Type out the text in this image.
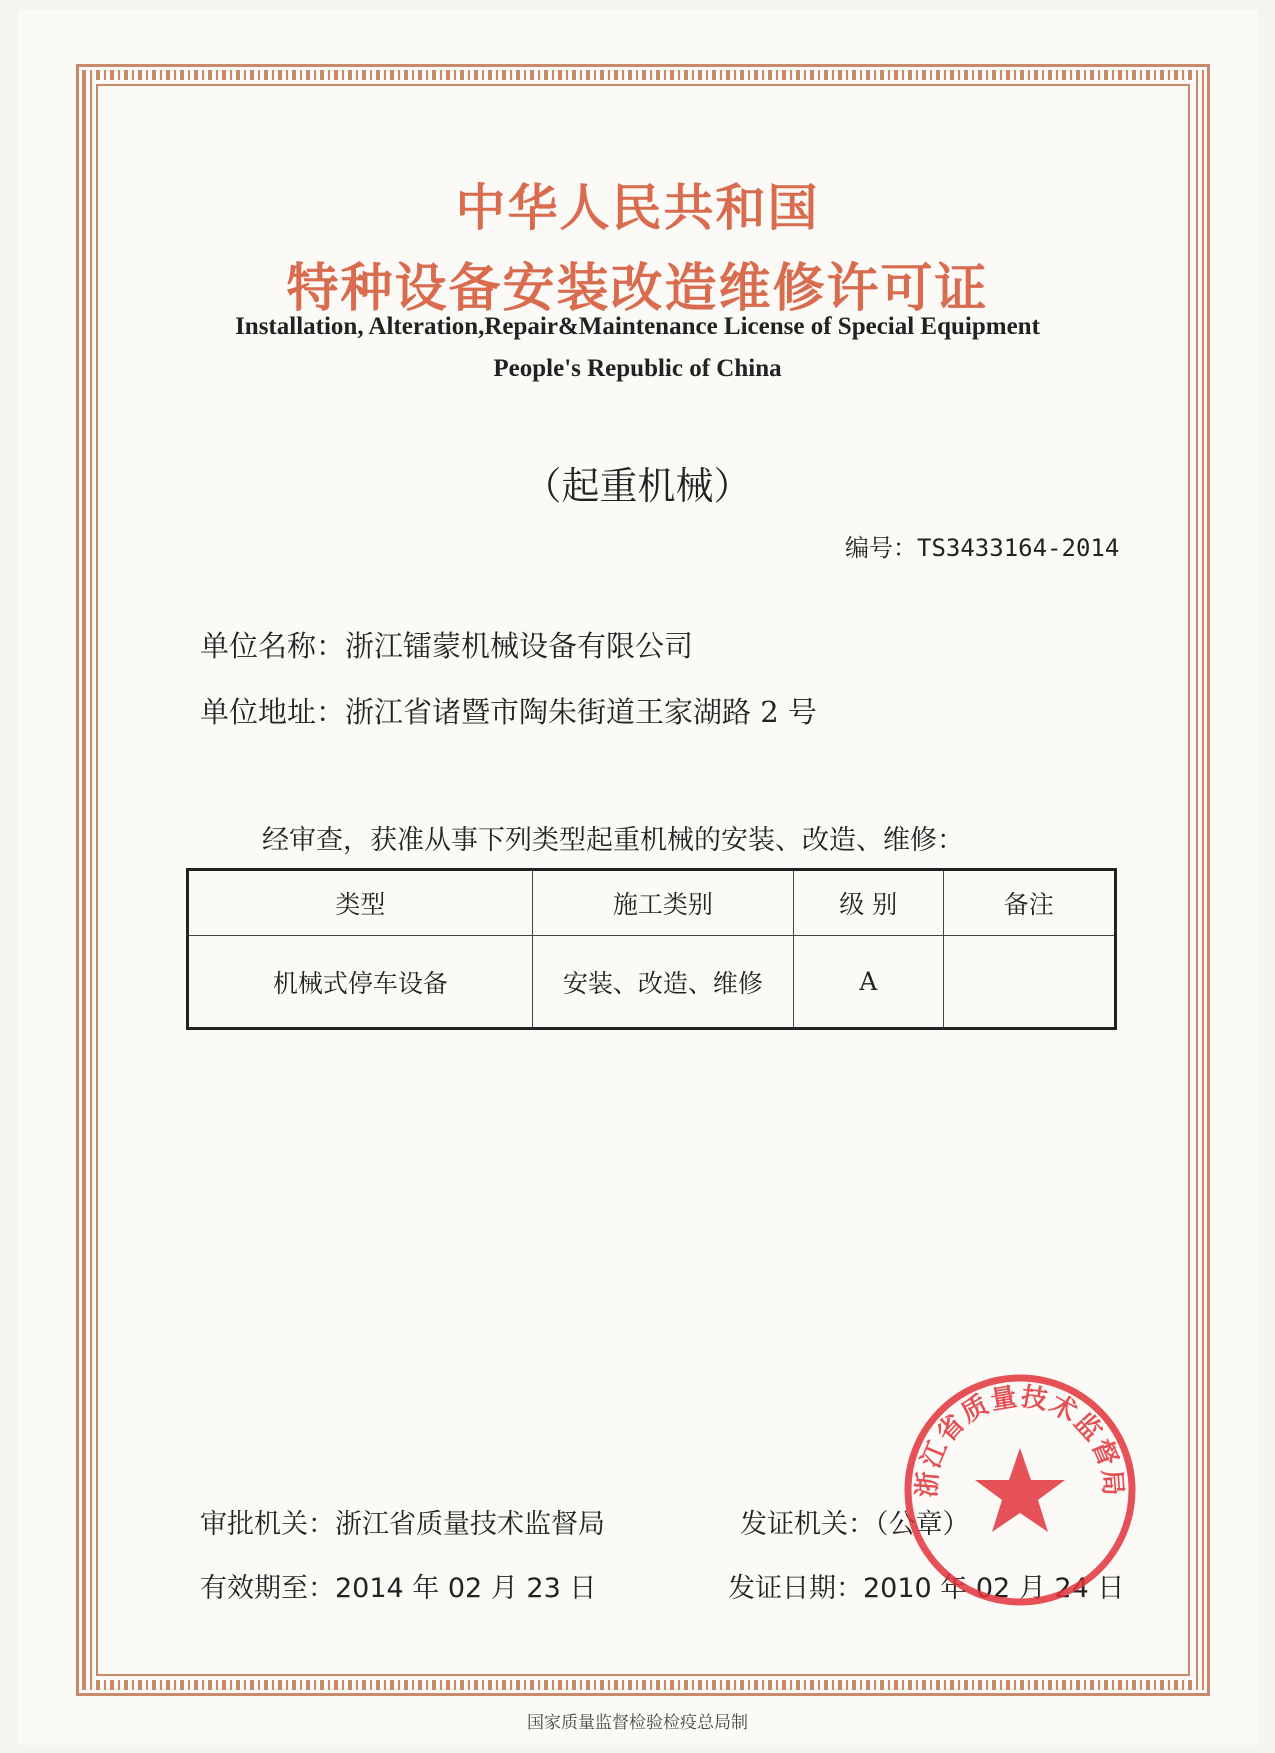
中华人民共和国
特种设备安装改造维修许可证
Installation, Alteration,Repair&Maintenance License of Special Equipment
People's Republic of China
（起重机械）
编号：TS3433164-2014
单位名称：浙江镭蒙机械设备有限公司
单位地址：浙江省诸暨市陶朱街道王家湖路 2 号
经审查，获准从事下列类型起重机械的安装、改造、维修：
类型	施工类别	级 别	备注
机械式停车设备	安装、改造、维修	A	
审批机关：浙江省质量技术监督局	发证机关：（公章）
有效期至：2014 年 02 月 23 日	发证日期：2010 年 02 月 24 日
浙江省质量技术监督局
国家质量监督检验检疫总局制
